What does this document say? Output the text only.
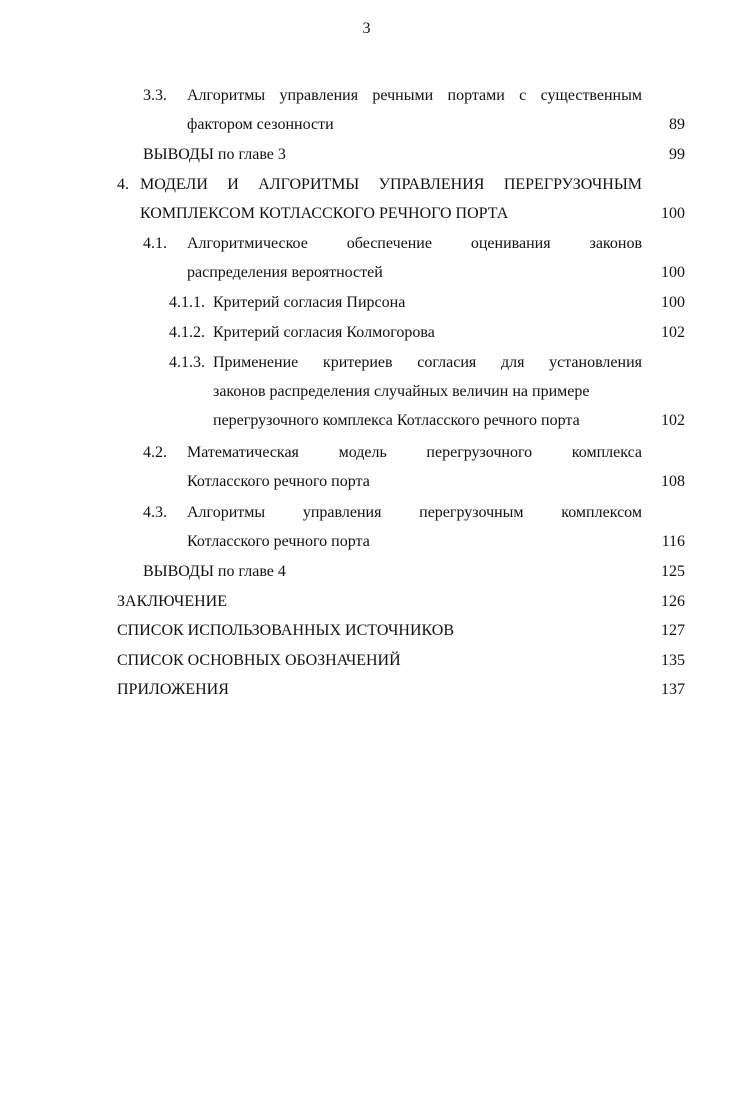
3
3.3. Алгоритмы управления речными портами с существенным
фактором сезонности	89
ВЫВОДЫ по главе 3	99
4. МОДЕЛИ И АЛГОРИТМЫ УПРАВЛЕНИЯ ПЕРЕГРУЗОЧНЫМ
КОМПЛЕКСОМ КОТЛАССКОГО РЕЧНОГО ПОРТА	100
4.1. Алгоритмическое обеспечение оценивания законов
распределения вероятностей	100
4.1.1. Критерий согласия Пирсона	100
4.1.2. Критерий согласия Колмогорова	102
4.1.3. Применение критериев согласия для установления
законов распределения случайных величин на примере
перегрузочного комплекса Котласского речного порта	102
4.2. Математическая модель перегрузочного комплекса
Котласского речного порта	108
4.3. Алгоритмы управления перегрузочным комплексом
Котласского речного порта	116
ВЫВОДЫ по главе 4	125
ЗАКЛЮЧЕНИЕ	126
СПИСОК ИСПОЛЬЗОВАННЫХ ИСТОЧНИКОВ	127
СПИСОК ОСНОВНЫХ ОБОЗНАЧЕНИЙ	135
ПРИЛОЖЕНИЯ	137
